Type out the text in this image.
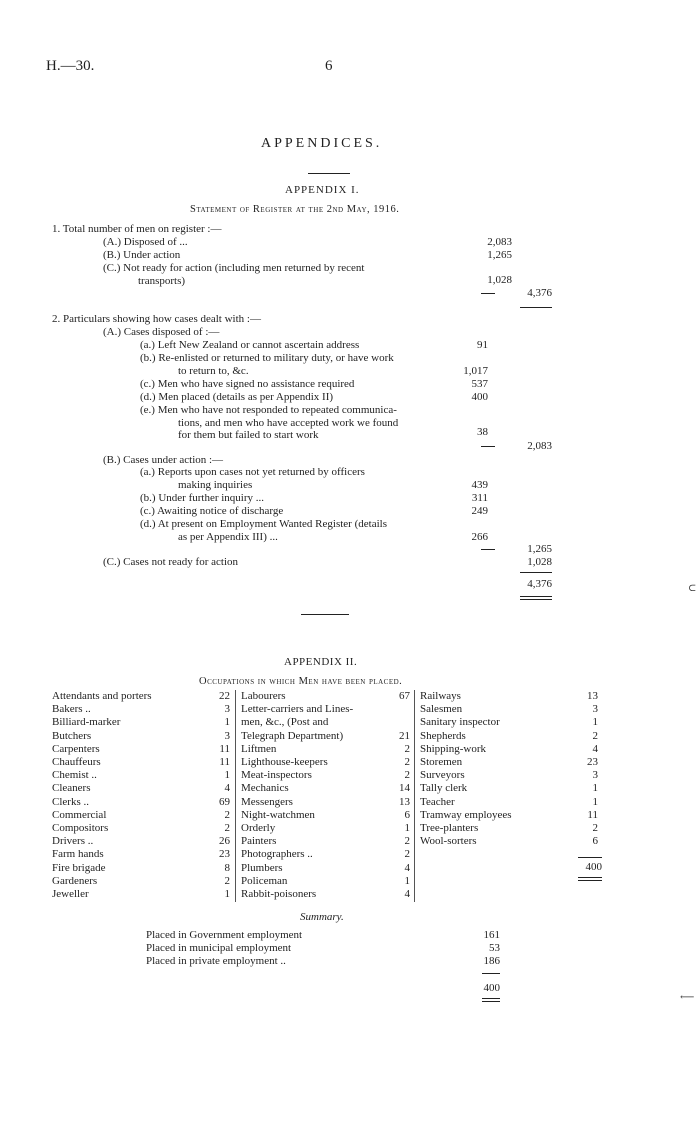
H.—30.	6
APPENDICES.
APPENDIX I.
Statement of Register at the 2nd May, 1916.
1. Total number of men on register :—
(A.) Disposed of ...	2,083
(B.) Under action	1,265
(C.) Not ready for action (including men returned by recent
transports)	1,028
4,376
2. Particulars showing how cases dealt with :—
(A.) Cases disposed of :—
(a.) Left New Zealand or cannot ascertain address	91
(b.) Re-enlisted or returned to military duty, or have work
to return to, &c.	1,017
(c.) Men who have signed no assistance required	537
(d.) Men placed (details as per Appendix II)	400
(e.) Men who have not responded to repeated communica-
tions, and men who have accepted work we found
for them but failed to start work	38
2,083
(B.) Cases under action :—
(a.) Reports upon cases not yet returned by officers
making inquiries	439
(b.) Under further inquiry ...	311
(c.) Awaiting notice of discharge	249
(d.) At present on Employment Wanted Register (details
as per Appendix III) ...	266
1,265
(C.) Cases not ready for action	1,028
4,376
APPENDIX II.
Occupations in which Men have been placed.
Attendants and porters	22
Bakers ..	3
Billiard-marker	1
Butchers	3
Carpenters	11
Chauffeurs	11
Chemist ..	1
Cleaners	4
Clerks ..	69
Commercial	2
Compositors	2
Drivers ..	26
Farm hands	23
Fire brigade	8
Gardeners	2
Jeweller	1
Labourers	67
Letter-carriers and Lines-
men, &c., (Post and
Telegraph Department)	21
Liftmen	2
Lighthouse-keepers	2
Meat-inspectors	2
Mechanics	14
Messengers	13
Night-watchmen	6
Orderly	1
Painters	2
Photographers ..	2
Plumbers	4
Policeman	1
Rabbit-poisoners	4
Railways	13
Salesmen	3
Sanitary inspector	1
Shepherds	2
Shipping-work	4
Storemen	23
Surveyors	3
Tally clerk	1
Teacher	1
Tramway employees	11
Tree-planters	2
Wool-sorters	6
400
Summary.
Placed in Government employment	161
Placed in municipal employment	53
Placed in private employment ..	186
400
⊂
⟵
